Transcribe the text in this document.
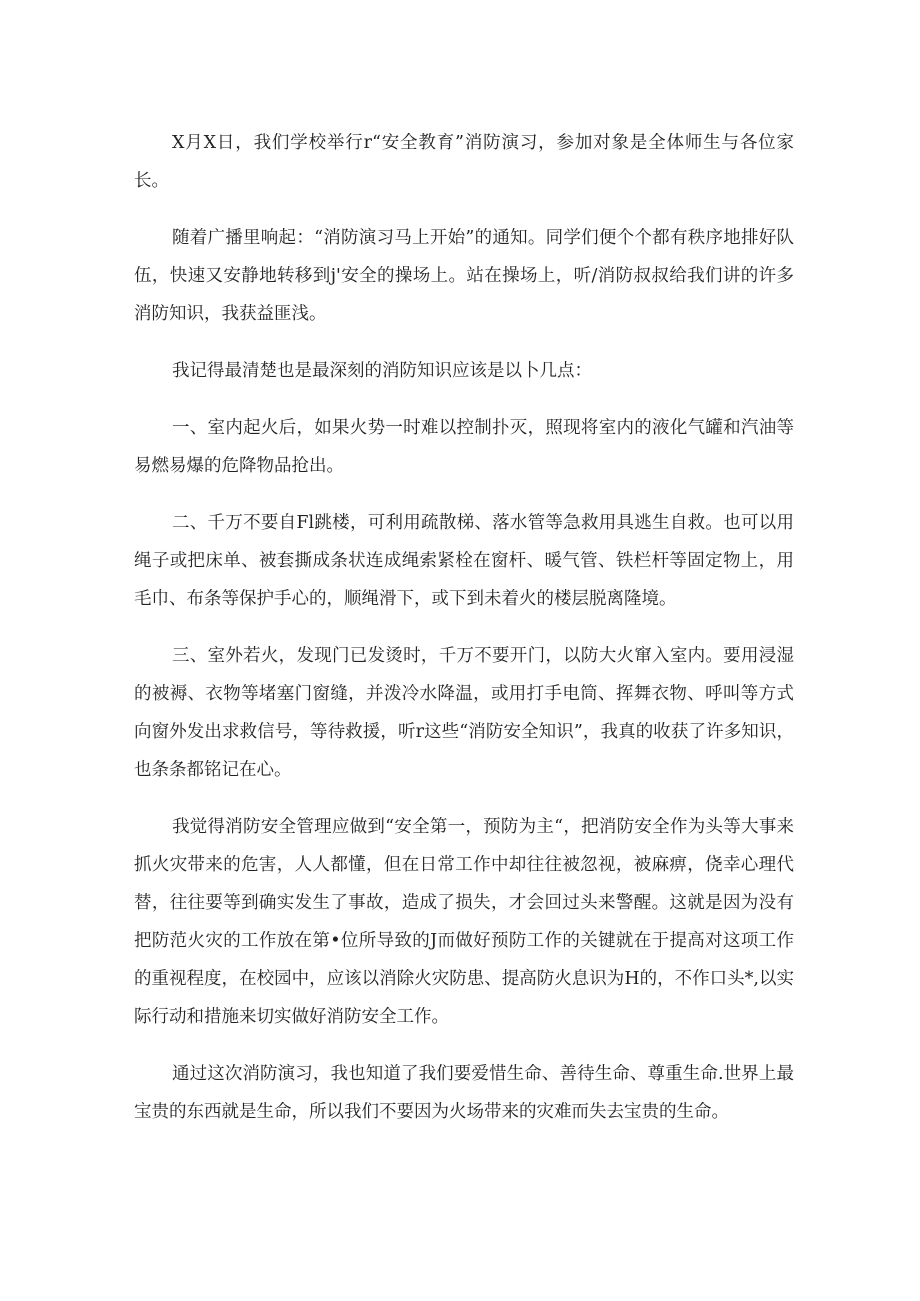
X月X日，我们学校举行r“安全教育”消防演习，参加对象是全体师生与各位家长。

随着广播里响起：“消防演习马上开始”的通知。同学们便个个都有秩序地排好队伍，快速又安静地转移到j'安全的操场上。站在操场上，听/消防叔叔给我们讲的许多消防知识，我获益匪浅。

我记得最清楚也是最深刻的消防知识应该是以卜几点：

一、室内起火后，如果火势一时难以控制扑灭，照现将室内的液化气罐和汽油等易燃易爆的危降物品抢出。

二、千万不要自Fl跳楼，可利用疏散梯、落水管等急救用具逃生自救。也可以用绳子或把床单、被套撕成条状连成绳索紧栓在窗杆、暖气管、铁栏杆等固定物上，用毛巾、布条等保护手心的，顺绳滑下，或下到未着火的楼层脱离隆境。

三、室外若火，发现门已发烫时，千万不要开门，以防大火窜入室内。要用浸湿的被褥、衣物等堵塞门窗缝，并泼冷水降温，或用打手电筒、挥舞衣物、呼叫等方式向窗外发出求救信号，等待救援，听r这些“消防安全知识”，我真的收获了许多知识，也条条都铭记在心。

我觉得消防安全管理应做到“安全第一，预防为主“，把消防安全作为头等大事来抓火灾带来的危害，人人都懂，但在日常工作中却往往被忽视，被麻痹，侥幸心理代替，往往要等到确实发生了事故，造成了损失，才会回过头来警醒。这就是因为没有把防范火灾的工作放在第•位所导致的J而做好预防工作的关键就在于提高对这项工作的重视程度，在校园中，应该以消除火灾防患、提高防火息识为H的，不作口头*,以实际行动和措施来切实做好消防安全工作。

通过这次消防演习，我也知道了我们要爱惜生命、善待生命、尊重生命.世界上最宝贵的东西就是生命，所以我们不要因为火场带来的灾难而失去宝贵的生命。
